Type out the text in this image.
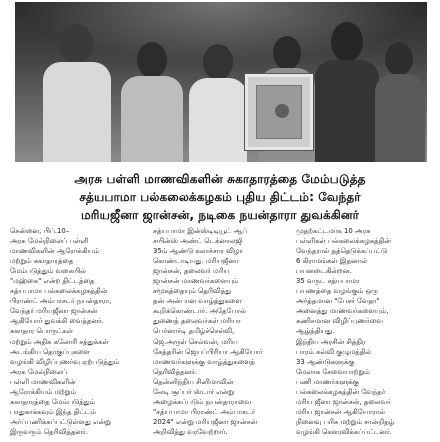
அரசு பள்ளி மாணவிகளின் சுகாதாரத்தை மேம்படுத்த
சத்யபாமா பல்கலைக்கழகம் புதிய திட்டம்: வேந்தர்
மரியஜீனா ஜான்சன், நடிகை நயன்தாரா துவக்கினர்
சென்னை, பிப்.10–
அரசு மேல்நிலைப் பள்ளி
மாணவிகளின் ஆரோக்கியம்
மற்றும் சுகாதாரத்தை
மேம்படுத்தும் வகையில்
"மஹ்கை" என்ற திட்டத்தை
சத்யபாமா பல்கலைக்கழகத்தின்
பிராண்ட் அம்பாசடர் நயன்தாரா,
வேந்தர் மரியஜீனா ஜான்சன்
ஆகியோர் துவக்கி வைத்தனர்.
சுகாதார பொருட்கள்
மற்றும் அதிக கலோரி சத்துக்கள்
அடங்கிய தொகுப்புகளை
வழங்கி விழிப்புணர்வு ஏற்படுத்தும்
அரசு மேல்நிலைப்
பள்ளி மாணவிகளின்
ஆரோக்கியம் மற்றும்
சுகாதாரத்தை மேம்படுத்தும்
பாதுகாக்கவும் இந்த திட்டம்
அர்ப்பணிக்கப்பட்டுள்ளது என்று
இருவரும் தெரிவித்தனர்.
சத்யபாமா இன்ஸ்டிடியூட் ஆப்
சயின்ஸ் அண்ட் டெக்னாலஜி
35ம் ஆண்டு கலாச்சார விழா
கொண்டாடியது. மரியஜீனா
ஜான்சன், தலைவர் மரிய
ஜான்சன் மாணவர்களையும்
சமூகத்தையும் தெரிவித்து
தன் அன்பான வாழ்த்துகளை
கூறிக்கொண்டார். அதேபோல்
துணைத் தலைவர்கள் மரியா
பெர்னார்டி தமிழ்ச்செல்வி,
ஜெ.அருள் செல்வன், மரிய
கேத்தரின் ஜெயப்பிரியா ஆகியோர்
மாணவர்களுக்கு வாழ்த்துகளைத்
தெரிவித்தனர்.
தென்னிந்திய சினிமாவின்
லேடி சூப்பர் ஸ்டார் என்று
அழைக்கப்படும் நயன்தாராவை
"சத்யபாமா பிராண்ட் அம்பாசடர்
2024" என்று மரியஜீனா ஜான்சன்
அறிவித்து வரவேற்றார்.
முதற்கட்டமாக 10 அரசு
பள்ளிகள் பல்கலைக்கழகத்தின்
வேந்தரால் தத்தெடுக்கப்பட்டு
6 கிராமங்கள் இதனால்
பயனடைகின்றன.
35 வருட சத்யபாமா
பயணத்தை வழங்கும் ஒரு
அர்த்தமான "பேசர் வேதா"
அனைத்து மாணவர்களையும்,
கணிசமான விழிப்புணர்வை
ஆழ்த்தியது.
இந்திய அரசின் சித்திர
பாரம் கல்வி குழுமத்தில்
33 ஆண்டுகளுக்கு
மேலாக சேவையாற்றும்
பணி மாணர்களுக்கு
பல்கலைக்கழகத்தின் வேந்தர்
மரிய ஜீனா ஜான்சன், தலைவர்
மரிய ஜான்சன் ஆகியோரால்
நினைவு பரிசு மற்றும் சான்றிதழ்
வழங்கி கௌரவிக்கப்பட்டனர்.
